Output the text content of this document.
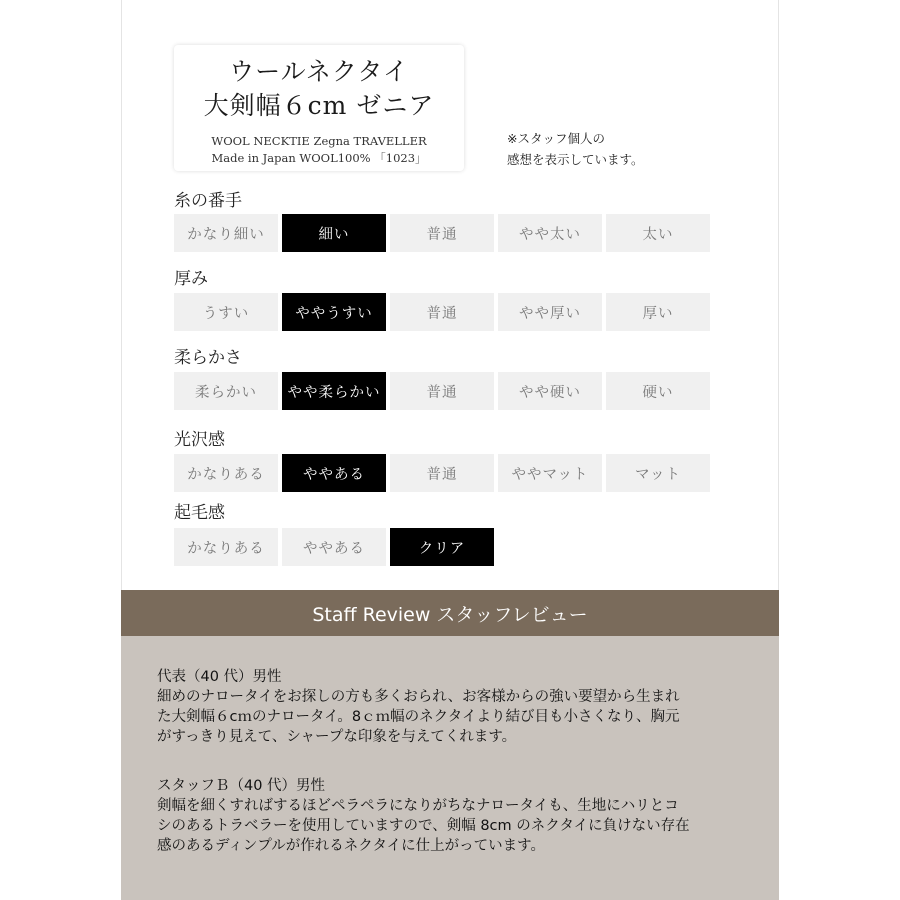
ウールネクタイ
大剣幅６cm ゼニア
WOOL NECKTIE Zegna TRAVELLER
Made in Japan WOOL100% 「1023」
※スタッフ個人の
感想を表示しています。
糸の番手
かなり細い	細い	普通	やや太い	太い
厚み
うすい	ややうすい	普通	やや厚い	厚い
柔らかさ
柔らかい	やや柔らかい	普通	やや硬い	硬い
光沢感
かなりある	ややある	普通	ややマット	マット
起毛感
かなりある	ややある	クリア
Staff Review スタッフレビュー
代表（40 代）男性
細めのナロータイをお探しの方も多くおられ、お客様からの強い要望から生まれ
た大剣幅６cｍのナロータイ。8ｃｍ幅のネクタイより結び目も小さくなり、胸元
がすっきり見えて、シャープな印象を与えてくれます。
スタッフＢ（40 代）男性
剣幅を細くすればするほどペラペラになりがちなナロータイも、生地にハリとコ
シのあるトラベラーを使用していますので、剣幅 8cm のネクタイに負けない存在
感のあるディンプルが作れるネクタイに仕上がっています。
